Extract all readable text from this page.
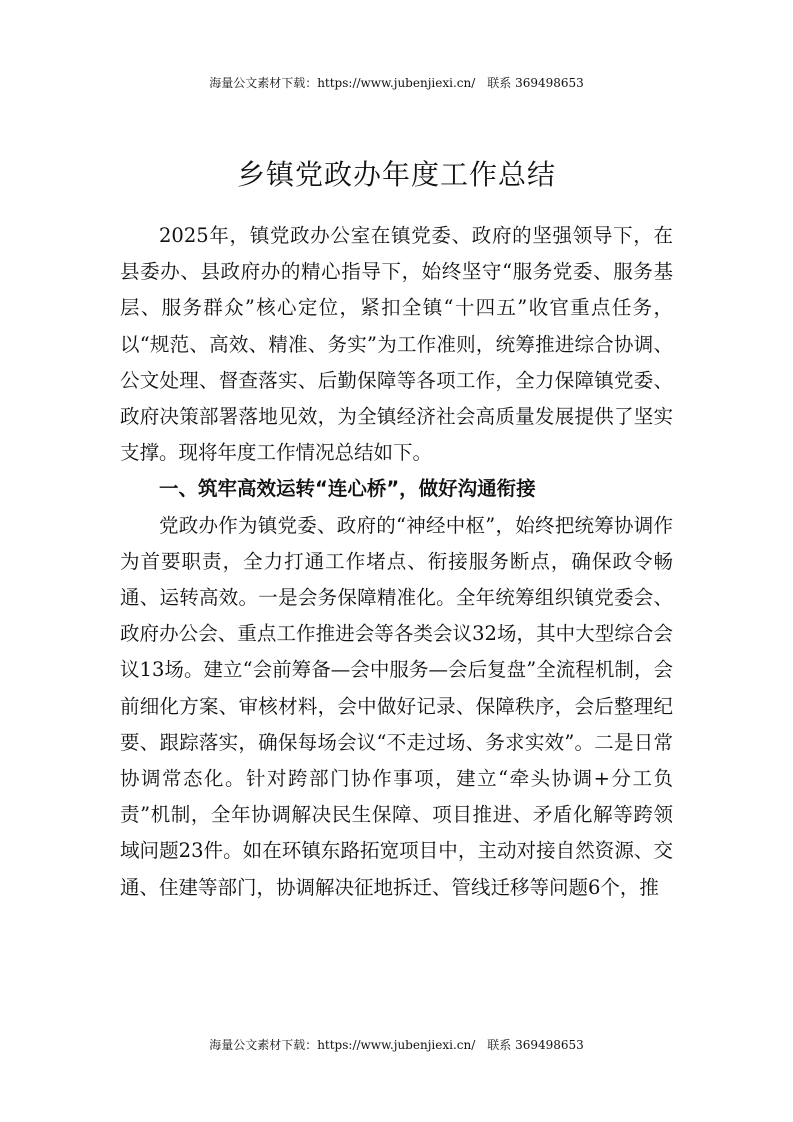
海量公文素材下载：https://www.jubenjiexi.cn/ 联系 369498653
乡镇党政办年度工作总结

2025年，镇党政办公室在镇党委、政府的坚强领导下，在县委办、县政府办的精心指导下，始终坚守“服务党委、服务基层、服务群众”核心定位，紧扣全镇“十四五”收官重点任务，以“规范、高效、精准、务实”为工作准则，统筹推进综合协调、公文处理、督查落实、后勤保障等各项工作，全力保障镇党委、政府决策部署落地见效，为全镇经济社会高质量发展提供了坚实支撑。现将年度工作情况总结如下。

一、筑牢高效运转“连心桥”，做好沟通衔接

党政办作为镇党委、政府的“神经中枢”，始终把统筹协调作为首要职责，全力打通工作堵点、衔接服务断点，确保政令畅通、运转高效。一是会务保障精准化。全年统筹组织镇党委会、政府办公会、重点工作推进会等各类会议32场，其中大型综合会议13场。建立“会前筹备—会中服务—会后复盘”全流程机制，会前细化方案、审核材料，会中做好记录、保障秩序，会后整理纪要、跟踪落实，确保每场会议“不走过场、务求实效”。二是日常协调常态化。针对跨部门协作事项，建立“牵头协调+分工负责”机制，全年协调解决民生保障、项目推进、矛盾化解等跨领域问题23件。如在环镇东路拓宽项目中，主动对接自然资源、交通、住建等部门，协调解决征地拆迁、管线迁移等问题6个，推

海量公文素材下载：https://www.jubenjiexi.cn/ 联系 369498653
